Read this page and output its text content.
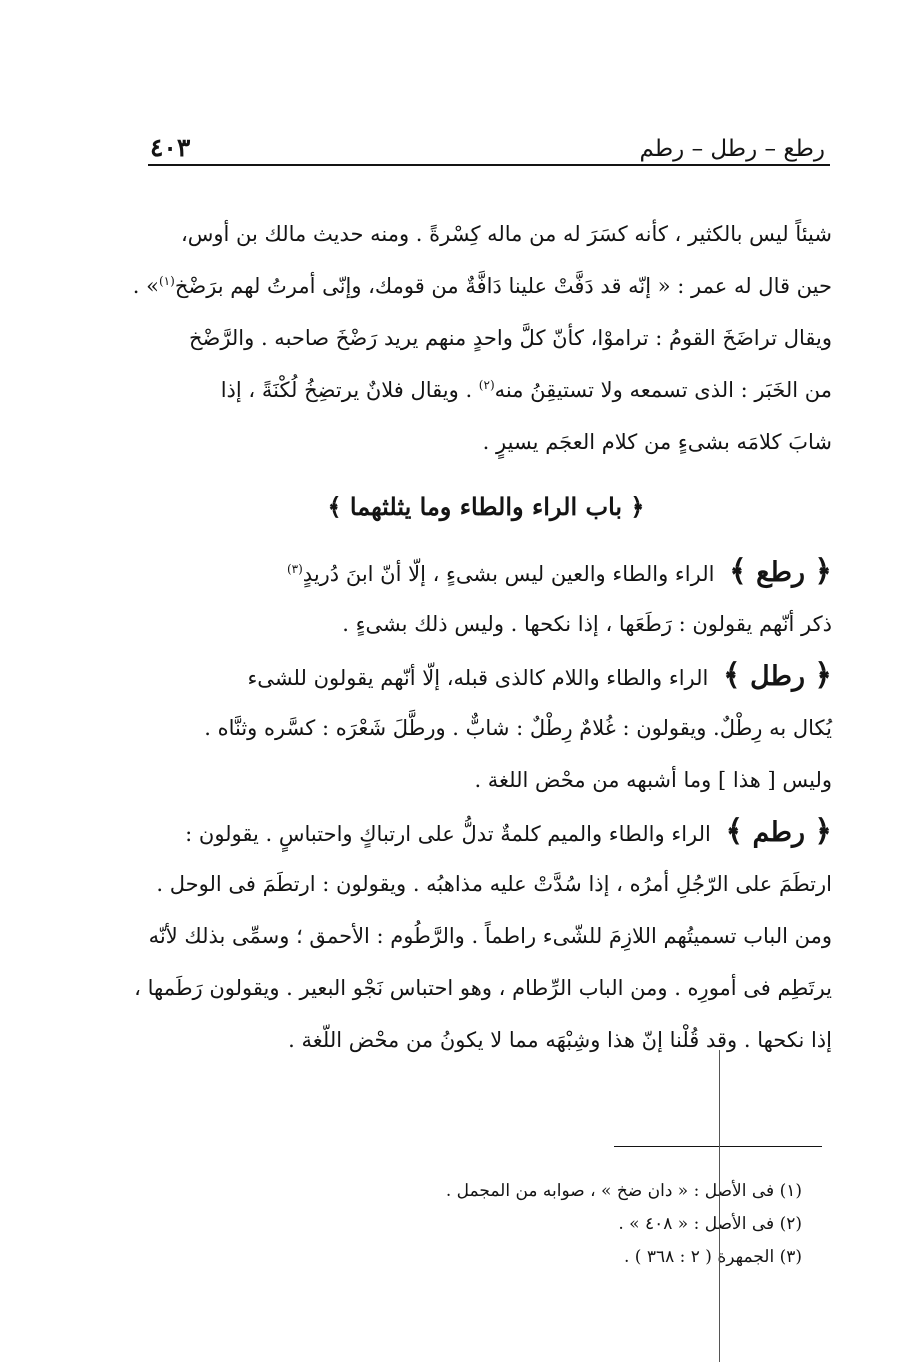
رطع – رطل – رطم
٤٠٣
شيئاً ليس بالكثير ، كأنه كسَرَ له من ماله كِسْرةً . ومنه حديث مالك بن أوس،
حين قال له عمر : « إنّه قد دَفَّتْ علينا دَافَّةٌ من قومك، وإنّى أمرتُ لهم برَضْخ$^{(١)}$» .
ويقال تراضَخَ القومُ : تراموْا، كأنّ كلَّ واحدٍ منهم يريد رَضْخَ صاحبه . والرَّضْخ
من الخَبَر : الذى تسمعه ولا تستيقِنُ منه$^{(٢)}$ . ويقال فلانٌ يرتضِخُ لُكْنَةً ، إذا
شابَ كلامَه بشىءٍ من كلام العجَم يسيرٍ .
﴿ باب الراء والطاء وما يثلثهما ﴾
﴿ رطع ﴾ الراء والطاء والعين ليس بشىءٍ ، إلّا أنّ ابنَ دُريدٍ$^{(٣)}$
ذكر أنّهم يقولون : رَطَعَها ، إذا نكحها . وليس ذلك بشىءٍ .
﴿ رطل ﴾ الراء والطاء واللام كالذى قبله، إلّا أنّهم يقولون للشىء
يُكال به رِطْلٌ. ويقولون : غُلامٌ رِطْلٌ : شابٌّ . ورطَّلَ شَعْرَه : كسَّره وثنَّاه .
وليس [ هذا ] وما أشبهه من محْض اللغة .
﴿ رطم ﴾ الراء والطاء والميم كلمةٌ تدلُّ على ارتباكٍ واحتباسٍ . يقولون :
ارتطَمَ على الرّجُلِ أمرُه ، إذا سُدَّتْ عليه مذاهبُه . ويقولون : ارتطَمَ فى الوحل .
ومن الباب تسميتُهم اللازِمَ للشّىء راطماً . والرَّطُوم : الأحمق ؛ وسمِّى بذلك لأنّه
يرتَطِم فى أمورِه . ومن الباب الرِّطام ، وهو احتباس نَجْو البعير . ويقولون رَطَمها ،
إذا نكحها . وقد قُلْنا إنّ هذا وشِبْهَه مما لا يكونُ من محْض اللّغة .
(١) فى الأصل : « دان ضخ » ، صوابه من المجمل .
(٢) فى الأصل : « ٤٠٨ » .
(٣) الجمهرة ( ٢ : ٣٦٨ ) .
